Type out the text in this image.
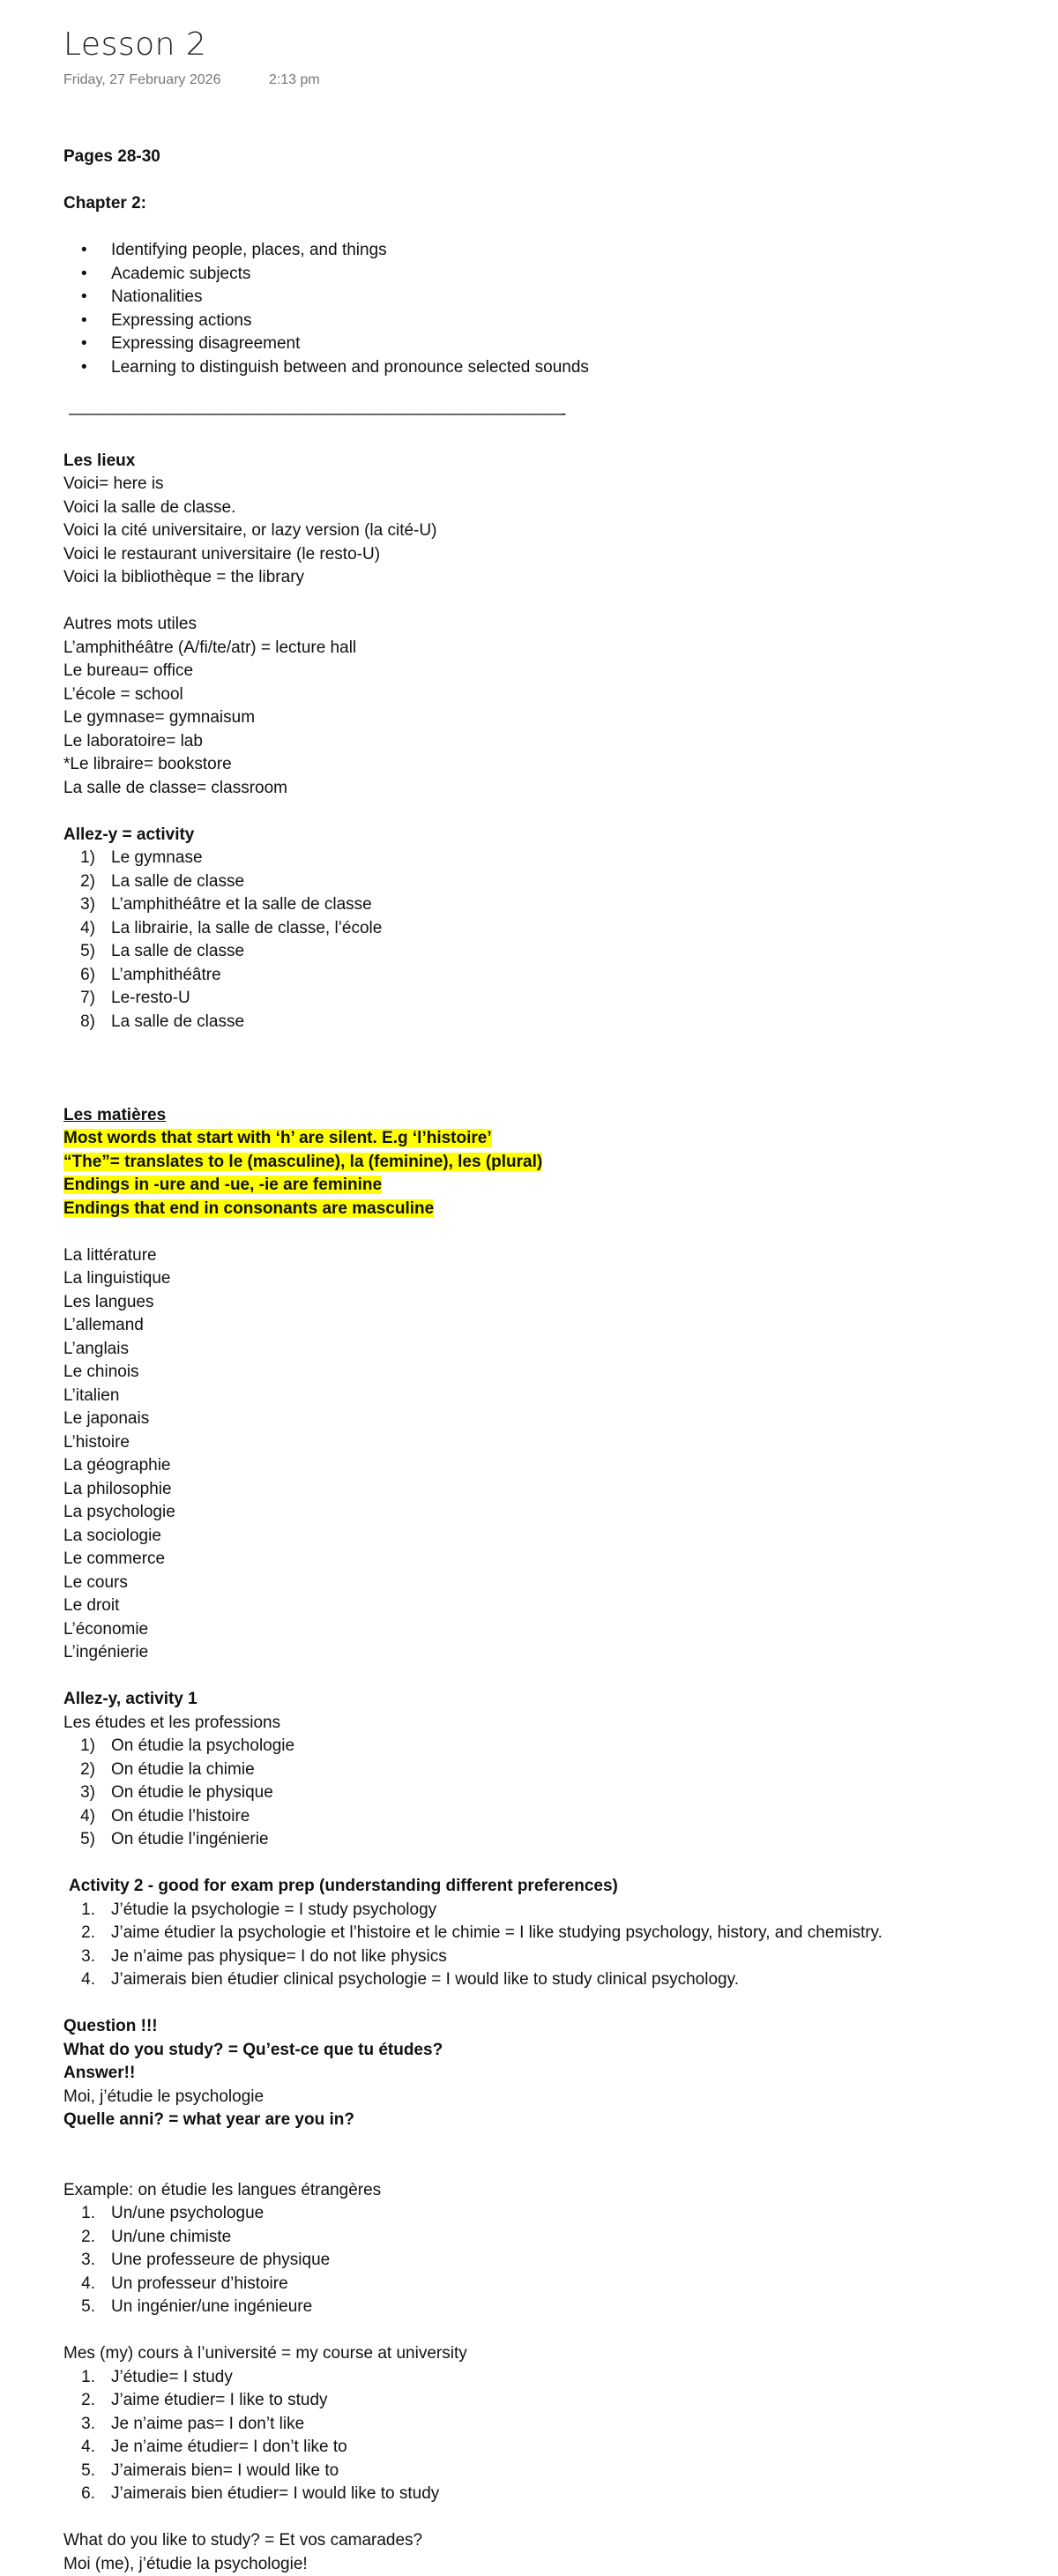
Lesson 2
Friday, 27 February 2026	2:13 pm
Pages 28-30
Chapter 2:
• Identifying people, places, and things
• Academic subjects
• Nationalities
• Expressing actions
• Expressing disagreement
• Learning to distinguish between and pronounce selected sounds
———————————————————————————————-
Les lieux
Voici= here is
Voici la salle de classe.
Voici la cité universitaire, or lazy version (la cité-U)
Voici le restaurant universitaire (le resto-U)
Voici la bibliothèque = the library
Autres mots utiles
L’amphithéâtre (A/fi/te/atr) = lecture hall
Le bureau= office
L’école = school
Le gymnase= gymnaisum
Le laboratoire= lab
*Le libraire= bookstore
La salle de classe= classroom
Allez-y = activity
1) Le gymnase
2) La salle de classe
3) L’amphithéâtre et la salle de classe
4) La librairie, la salle de classe, l’école
5) La salle de classe
6) L’amphithéâtre
7) Le-resto-U
8) La salle de classe
Les matières
Most words that start with ‘h’ are silent. E.g ‘l’histoire’
“The”= translates to le (masculine), la (feminine), les (plural)
Endings in -ure and -ue, -ie are feminine
Endings that end in consonants are masculine
La littérature
La linguistique
Les langues
L’allemand
L’anglais
Le chinois
L’italien
Le japonais
L’histoire
La géographie
La philosophie
La psychologie
La sociologie
Le commerce
Le cours
Le droit
L’économie
L’ingénierie
Allez-y, activity 1
Les études et les professions
1) On étudie la psychologie
2) On étudie la chimie
3) On étudie le physique
4) On étudie l’histoire
5) On étudie l’ingénierie
Activity 2 - good for exam prep (understanding different preferences)
1. J’étudie la psychologie = I study psychology
2. J’aime étudier la psychologie et l’histoire et le chimie = I like studying psychology, history, and chemistry.
3. Je n’aime pas physique= I do not like physics
4. J’aimerais bien étudier clinical psychologie = I would like to study clinical psychology.
Question !!!
What do you study? = Qu’est-ce que tu études?
Answer!!
Moi, j’étudie le psychologie
Quelle anni? = what year are you in?
Example: on étudie les langues étrangères
1. Un/une psychologue
2. Un/une chimiste
3. Une professeure de physique
4. Un professeur d’histoire
5. Un ingénier/une ingénieure
Mes (my) cours à l’université = my course at university
1. J’étudie= I study
2. J’aime étudier= I like to study
3. Je n’aime pas= I don’t like
4. Je n’aime étudier= I don’t like to
5. J’aimerais bien= I would like to
6. J’aimerais bien étudier= I would like to study
What do you like to study? = Et vos camarades?
Moi (me), j’étudie la psychologie!
